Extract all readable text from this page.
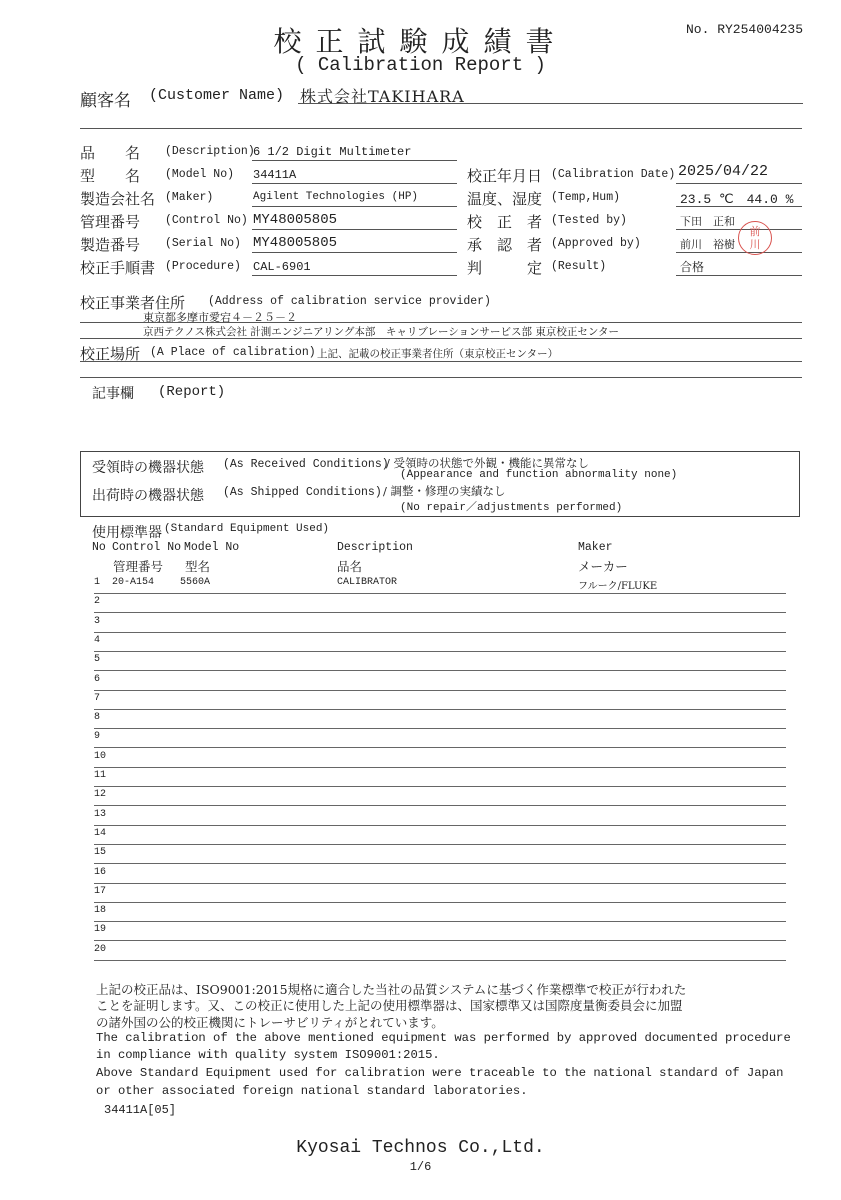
校正試験成績書
( Calibration Report )
No. RY254004235
顧客名 (Customer Name) 株式会社TAKIHARA
品　　名 (Description)
6 1/2 Digit Multimeter
型　　名 (Model No) 34411A
製造会社名 (Maker)	Agilent Technologies (HP)
管理番号 (Control No) MY48005805
製造番号 (Serial No) MY48005805
校正手順書 (Procedure) CAL-6901
校正年月日 (Calibration Date) 2025/04/22
温度、湿度 (Temp,Hum)	23.5 ℃　44.0 %
校　正　者 (Tested by)	下田　正和
承　認　者 (Approved by)	前川　裕樹
判　　　定 (Result)	合格
前
川
校正事業者住所 (Address of calibration service provider)
東京都多摩市愛宕４－２５－２
京西テクノス株式会社 計測エンジニアリング本部　キャリブレーションサービス部 東京校正センター
校正場所 (A Place of calibration) 上記、記載の校正事業者住所（東京校正センター）
記事欄 (Report)
受領時の機器状態 (As Received Conditions)
/ 受領時の状態で外観・機能に異常なし
(Appearance and function abnormality none)
出荷時の機器状態 (As Shipped Conditions) / 調整・修理の実績なし
(No repair／adjustments performed)
使用標準器 (Standard Equipment Used)
No Control No Model No	Description	Maker
管理番号 型名	品名	メーカー
1 20-A154	5560A	CALIBRATOR	フルーク/FLUKE
2
3
4
5
6
7
8
9
10
11
12
13
14
15
16
17
18
19
20
上記の校正品は、ISO9001:2015規格に適合した当社の品質システムに基づく作業標準で校正が行われた
ことを証明します。又、この校正に使用した上記の使用標準器は、国家標準又は国際度量衡委員会に加盟
の諸外国の公的校正機関にトレーサビリティがとれています。
The calibration of the above mentioned equipment was performed by approved documented procedure
in compliance with quality system ISO9001:2015.
Above Standard Equipment used for calibration were traceable to the national standard of Japan
or other associated foreign national standard laboratories.
34411A[05]
Kyosai Technos Co.,Ltd.
1/6
